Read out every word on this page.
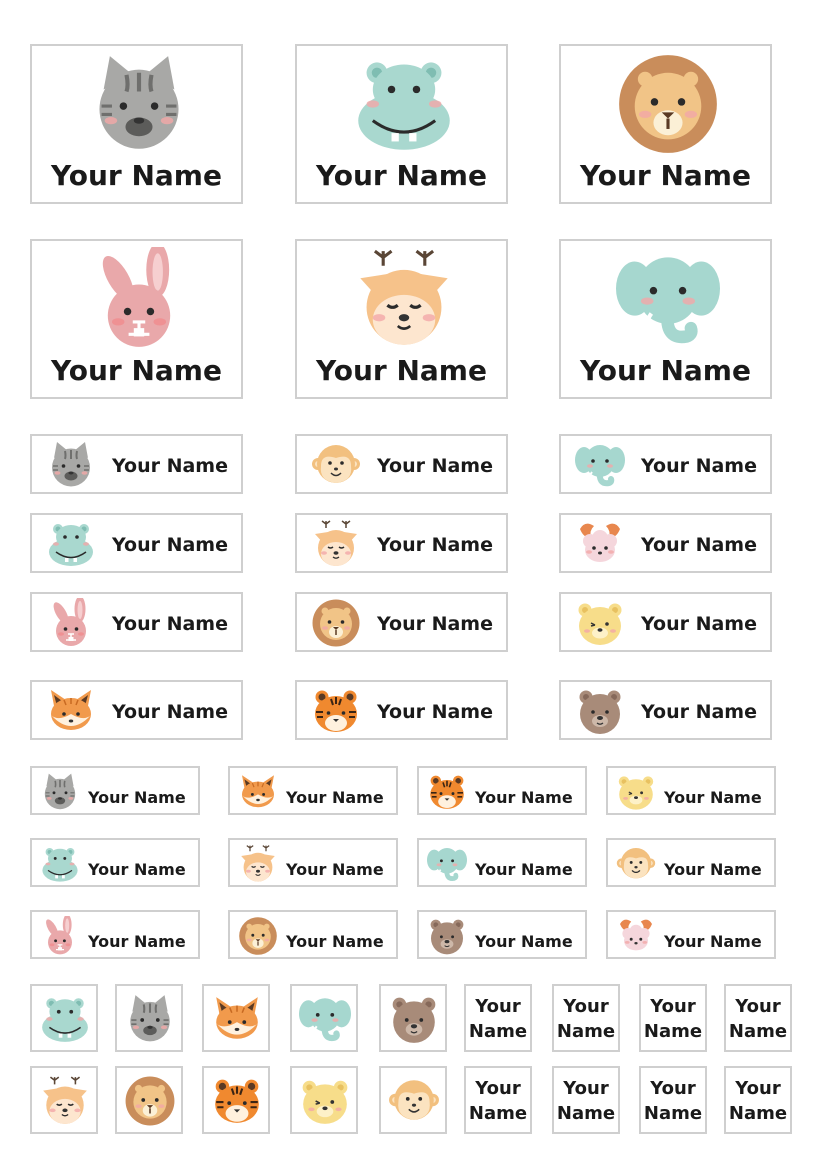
Your Name	Your Name	Your Name
Your Name	Your Name	Your Name
Your Name	Your Name	Your Name
Your Name	Your Name	Your Name
Your Name	Your Name	Your Name
Your Name	Your Name	Your Name
Your Name	Your Name	Your Name	Your Name
Your Name	Your Name	Your Name	Your Name
Your Name	Your Name	Your Name	Your Name
Your
Name
Your
Name
Your
Name
Your
Name
Your
Name
Your
Name
Your
Name
Your
Name
